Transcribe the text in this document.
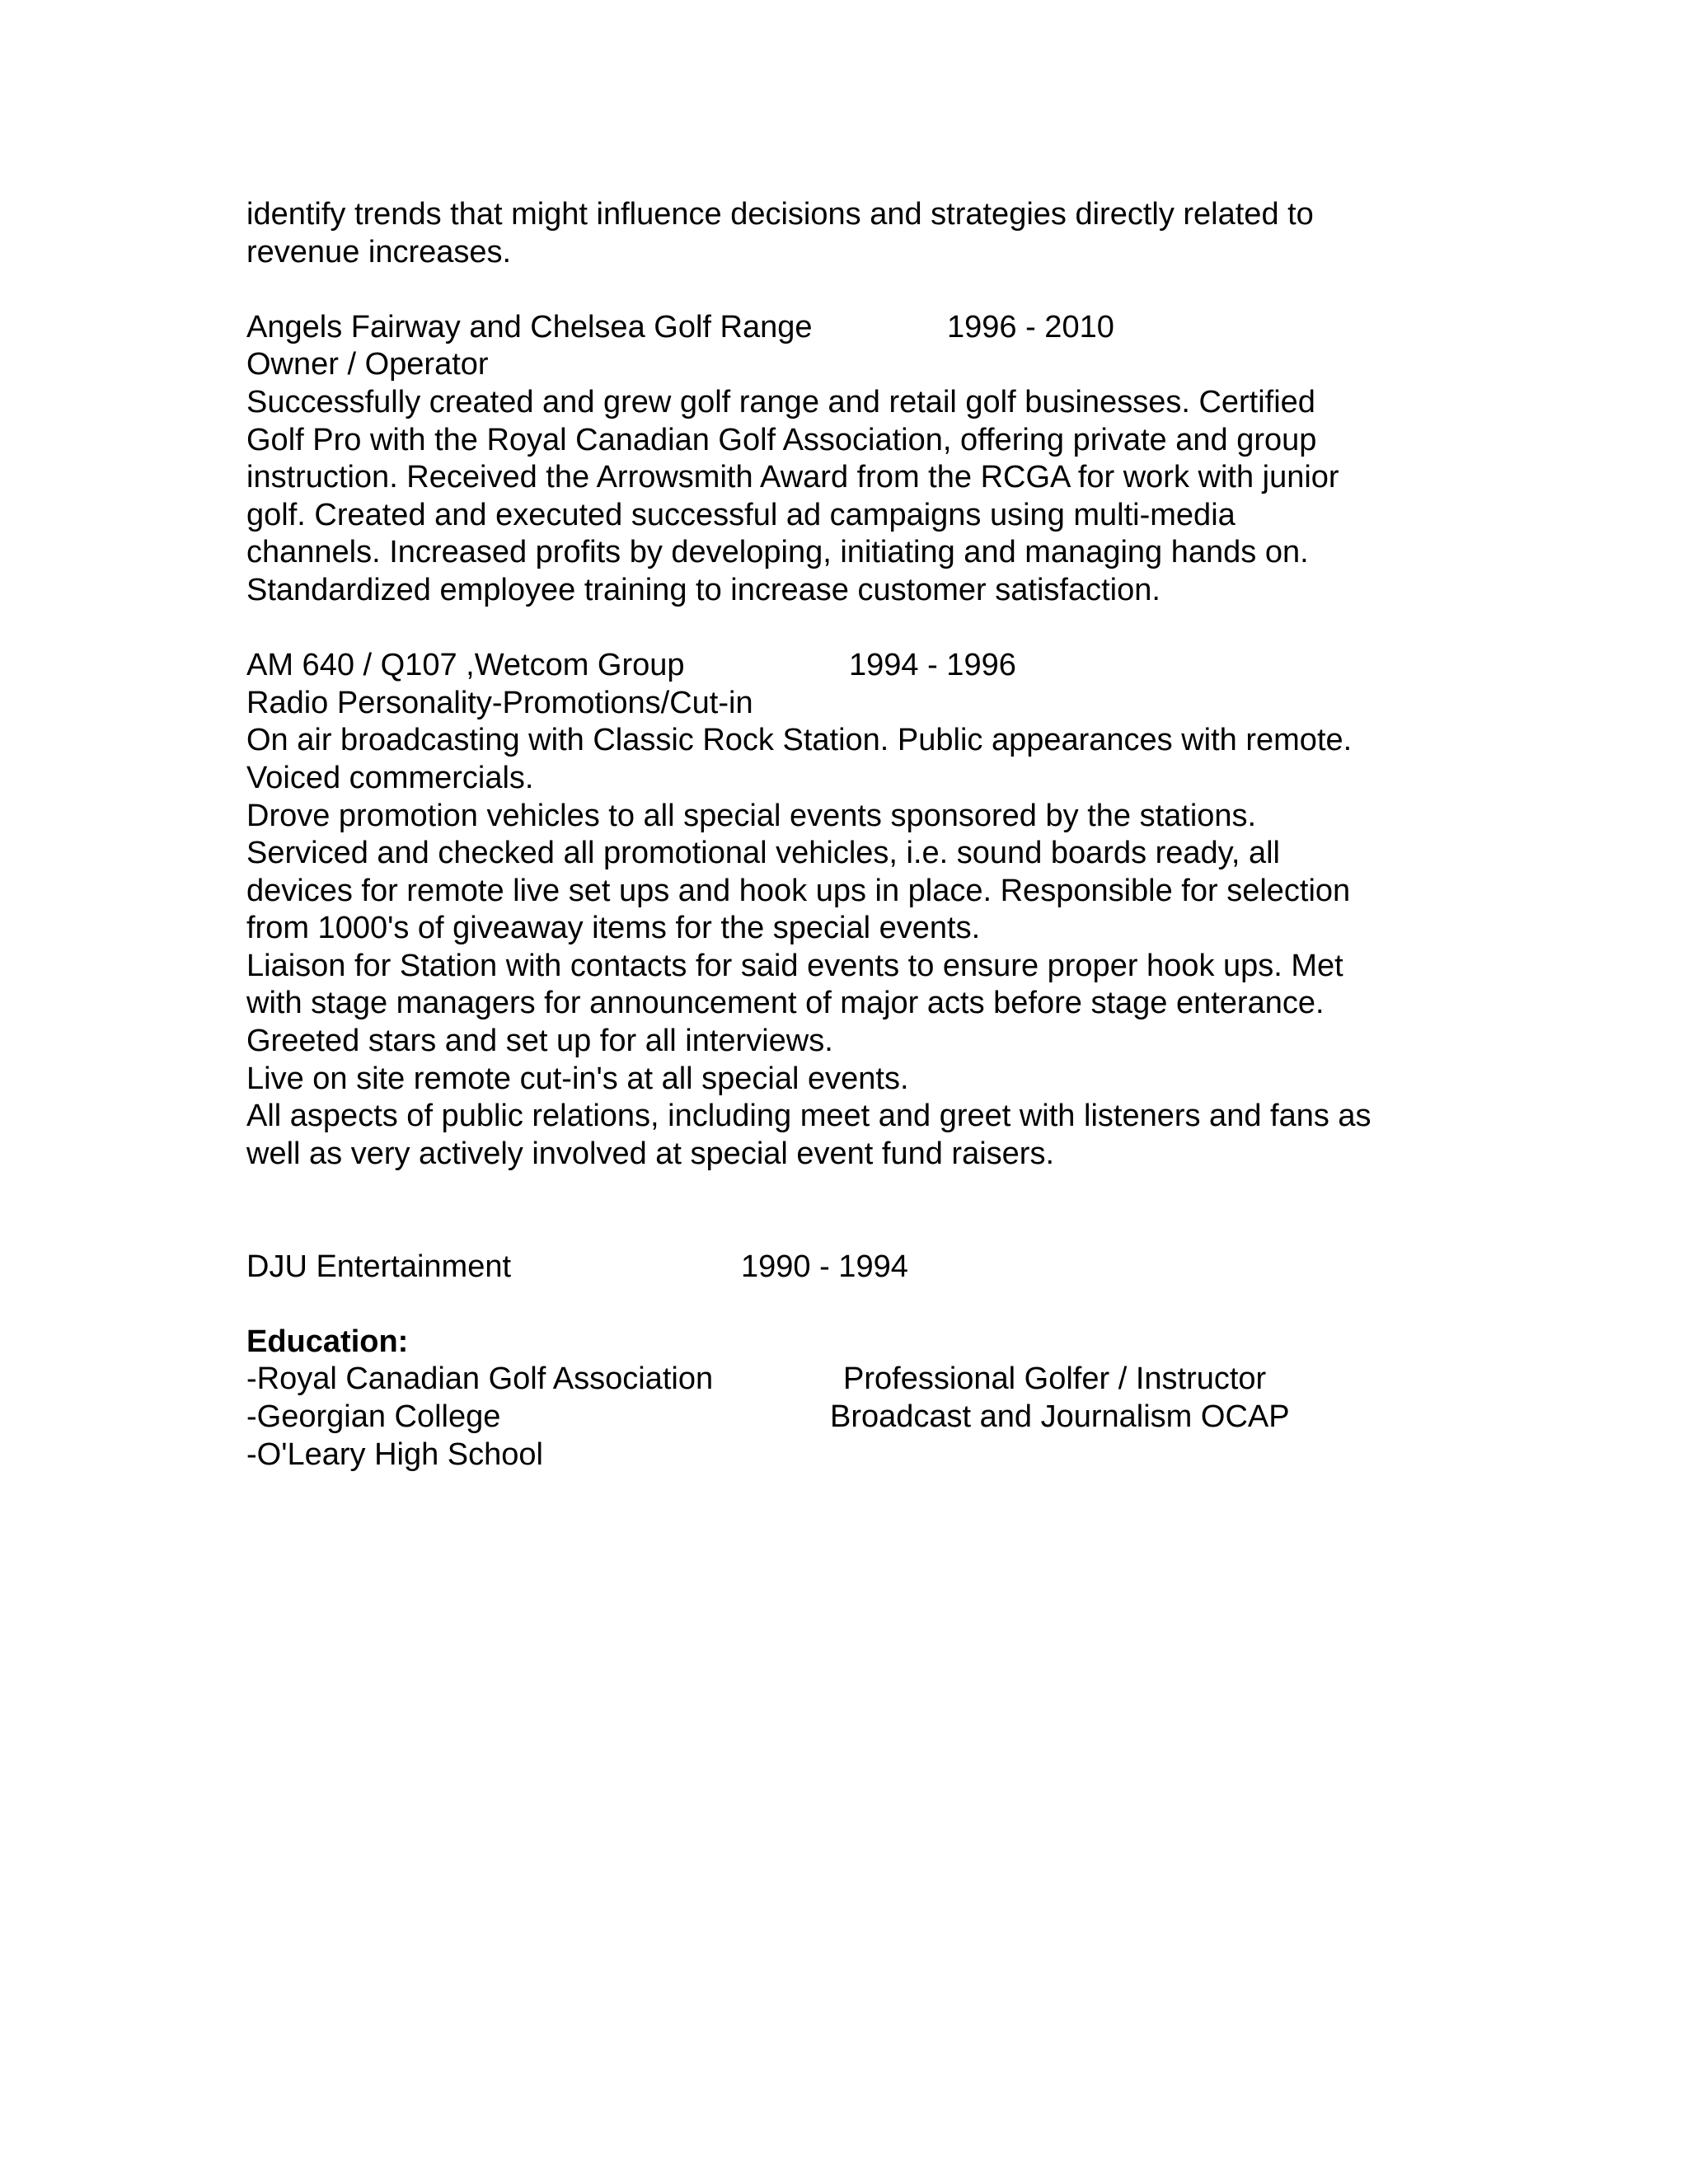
identify trends that might influence decisions and strategies directly related to
revenue increases.
Angels Fairway and Chelsea Golf Range	1996 - 2010
Owner / Operator
Successfully created and grew golf range and retail golf businesses. Certified
Golf Pro with the Royal Canadian Golf Association, offering private and group
instruction. Received the Arrowsmith Award from the RCGA for work with junior
golf. Created and executed successful ad campaigns using multi-media
channels. Increased profits by developing, initiating and managing hands on.
Standardized employee training to increase customer satisfaction.
AM 640 / Q107 ,Wetcom Group	1994 - 1996
Radio Personality-Promotions/Cut-in
On air broadcasting with Classic Rock Station. Public appearances with remote.
Voiced commercials.
Drove promotion vehicles to all special events sponsored by the stations.
Serviced and checked all promotional vehicles, i.e. sound boards ready, all
devices for remote live set ups and hook ups in place. Responsible for selection
from 1000's of giveaway items for the special events.
Liaison for Station with contacts for said events to ensure proper hook ups. Met
with stage managers for announcement of major acts before stage enterance.
Greeted stars and set up for all interviews.
Live on site remote cut-in's at all special events.
All aspects of public relations, including meet and greet with listeners and fans as
well as very actively involved at special event fund raisers.
DJU Entertainment	1990 - 1994
Education:
-Royal Canadian Golf Association	Professional Golfer / Instructor
-Georgian College	Broadcast and Journalism OCAP
-O'Leary High School
